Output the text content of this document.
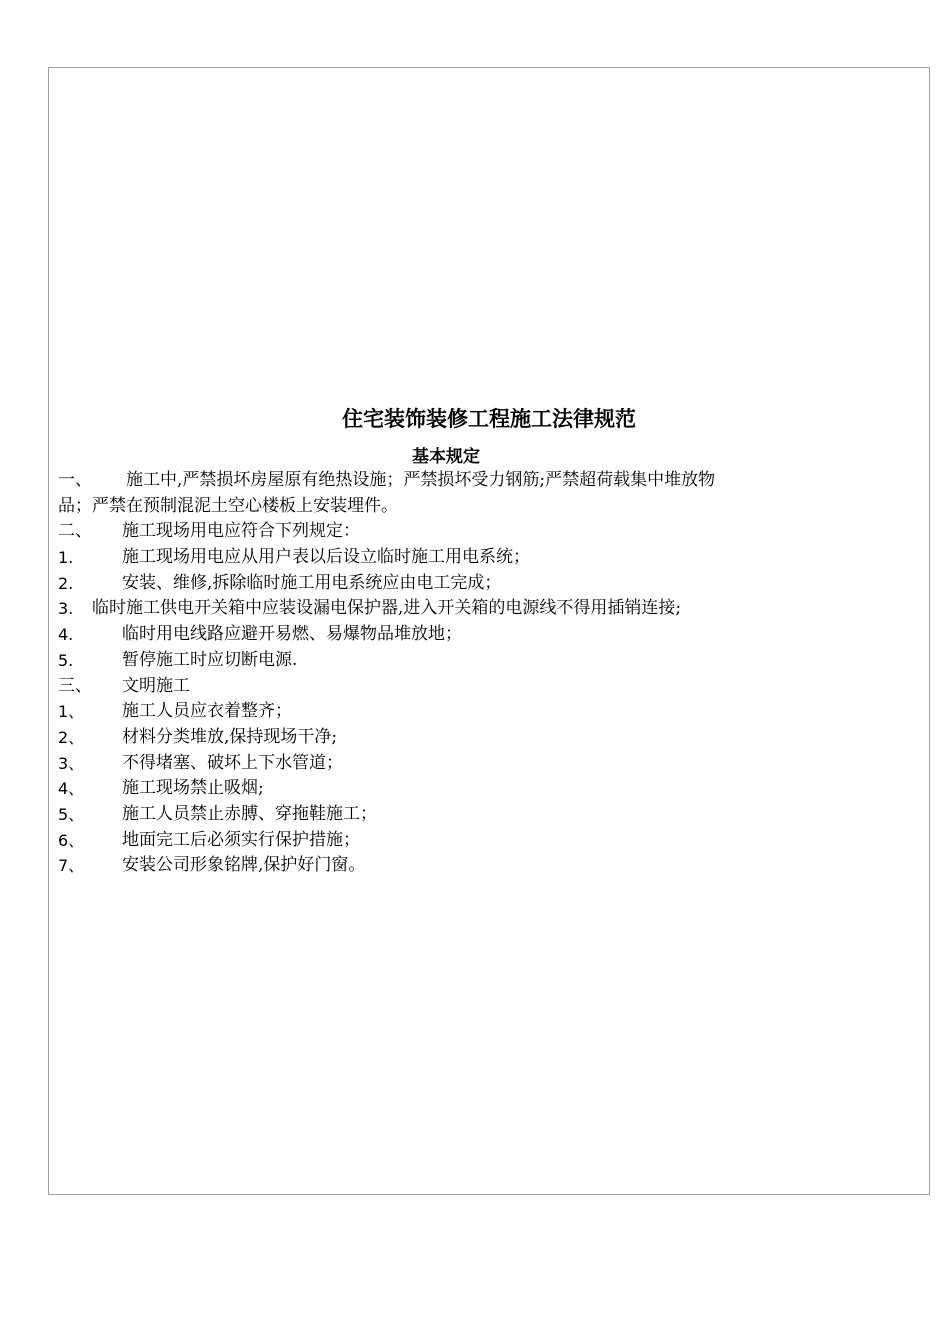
住宅装饰装修工程施工法律规范
基本规定
一、	施工中,严禁损坏房屋原有绝热设施；严禁损坏受力钢筋;严禁超荷载集中堆放物
品；严禁在预制混泥土空心楼板上安装埋件。
二、	施工现场用电应符合下列规定：
1.	施工现场用电应从用户表以后设立临时施工用电系统；
2.	安装、维修,拆除临时施工用电系统应由电工完成；
3.	临时施工供电开关箱中应装设漏电保护器,进入开关箱的电源线不得用插销连接;
4.	临时用电线路应避开易燃、易爆物品堆放地；
5.	暂停施工时应切断电源.
三、	文明施工
1、	施工人员应衣着整齐；
2、	材料分类堆放,保持现场干净;
3、	不得堵塞、破坏上下水管道；
4、	施工现场禁止吸烟;
5、	施工人员禁止赤膊、穿拖鞋施工；
6、	地面完工后必须实行保护措施；
7、	安装公司形象铭牌,保护好门窗。
